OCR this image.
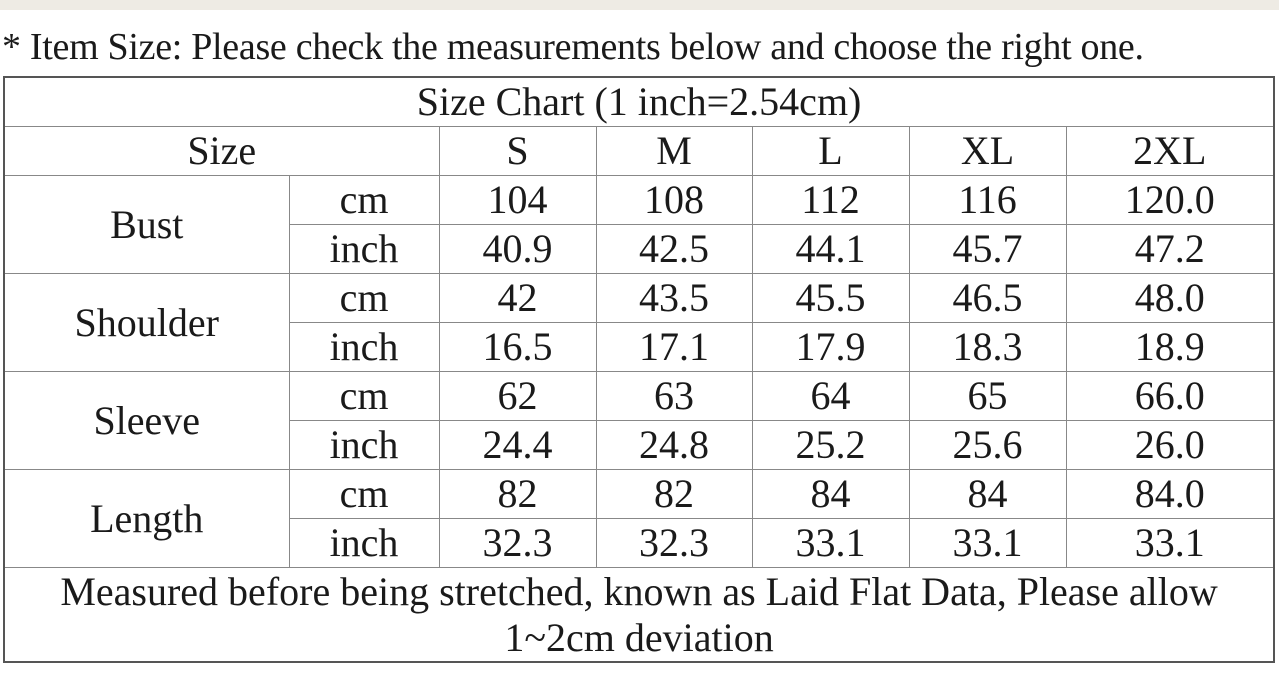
* Item Size: Please check the measurements below and choose the right one.
Size Chart (1 inch=2.54cm)						
Size		S	M	L	XL	2XL
Bust	cm	104	108	112	116	120.0
	inch	40.9	42.5	44.1	45.7	47.2
Shoulder	cm	42	43.5	45.5	46.5	48.0
	inch	16.5	17.1	17.9	18.3	18.9
Sleeve	cm	62	63	64	65	66.0
	inch	24.4	24.8	25.2	25.6	26.0
Length	cm	82	82	84	84	84.0
	inch	32.3	32.3	33.1	33.1	33.1
Measured before being stretched, known as Laid Flat Data, Please allow 1~2cm deviation						
